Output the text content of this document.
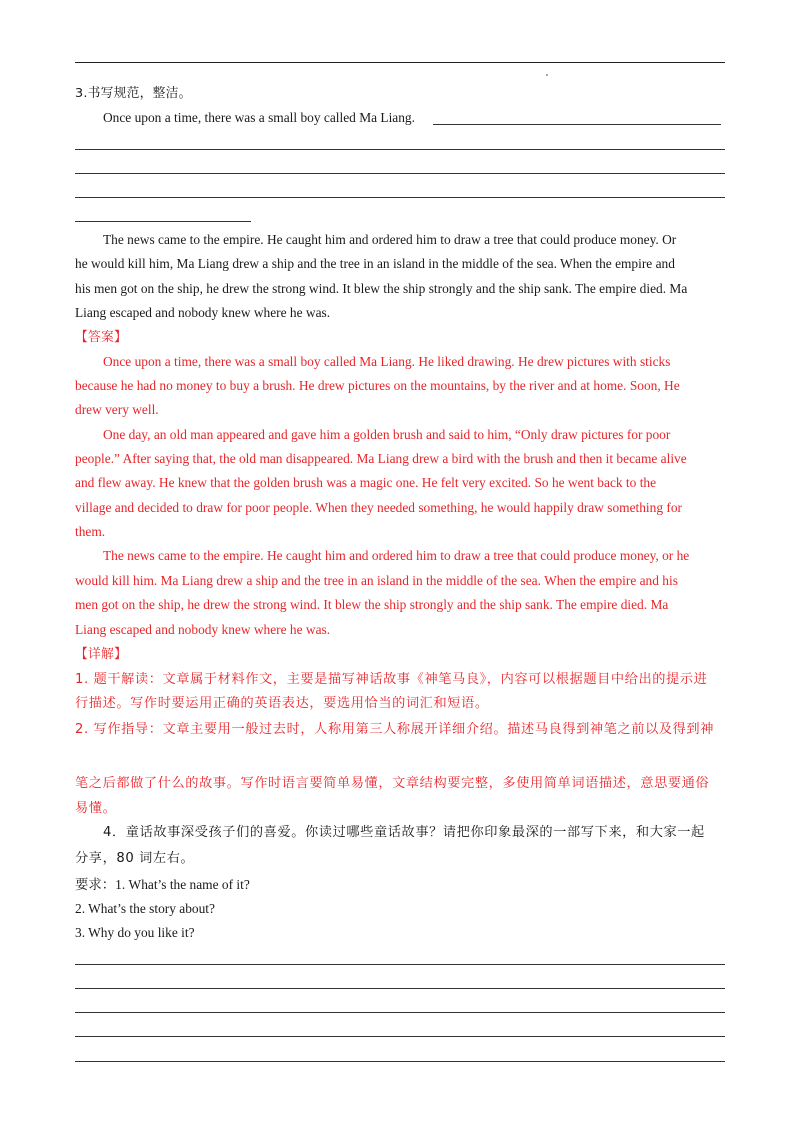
3.书写规范，整洁。
Once upon a time, there was a small boy called Ma Liang.
The news came to the empire. He caught him and ordered him to draw a tree that could produce money. Or
he would kill him, Ma Liang drew a ship and the tree in an island in the middle of the sea. When the empire and
his men got on the ship, he drew the strong wind. It blew the ship strongly and the ship sank. The empire died. Ma
Liang escaped and nobody knew where he was.
【答案】
Once upon a time, there was a small boy called Ma Liang. He liked drawing. He drew pictures with sticks
because he had no money to buy a brush. He drew pictures on the mountains, by the river and at home. Soon, He
drew very well.
One day, an old man appeared and gave him a golden brush and said to him, “Only draw pictures for poor
people.” After saying that, the old man disappeared. Ma Liang drew a bird with the brush and then it became alive
and flew away. He knew that the golden brush was a magic one. He felt very excited. So he went back to the
village and decided to draw for poor people. When they needed something, he would happily draw something for
them.
The news came to the empire. He caught him and ordered him to draw a tree that could produce money, or he
would kill him. Ma Liang drew a ship and the tree in an island in the middle of the sea. When the empire and his
men got on the ship, he drew the strong wind. It blew the ship strongly and the ship sank. The empire died. Ma
Liang escaped and nobody knew where he was.
【详解】
1. 题干解读：文章属于材料作文，主要是描写神话故事《神笔马良》，内容可以根据题目中给出的提示进
行描述。写作时要运用正确的英语表达，要选用恰当的词汇和短语。
2. 写作指导：文章主要用一般过去时，人称用第三人称展开详细介绍。描述马良得到神笔之前以及得到神
笔之后都做了什么的故事。写作时语言要简单易懂，文章结构要完整，多使用简单词语描述，意思要通俗
易懂。
4．童话故事深受孩子们的喜爱。你读过哪些童话故事？请把你印象最深的一部写下来，和大家一起
分享，80 词左右。
要求：1. What’s the name of it?
2. What’s the story about?
3. Why do you like it?
